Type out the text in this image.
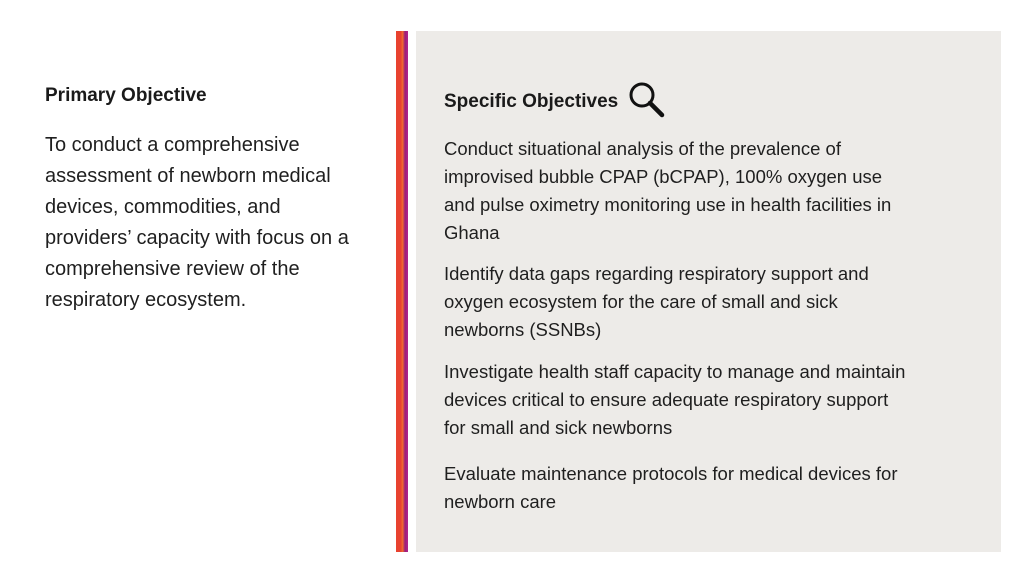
Primary Objective
To conduct a comprehensive assessment of newborn medical devices, commodities, and providers’ capacity with focus on a comprehensive review of the respiratory ecosystem.
Specific Objectives
Conduct situational analysis of the prevalence of improvised bubble CPAP (bCPAP), 100% oxygen use and pulse oximetry monitoring use in health facilities in Ghana
Identify data gaps regarding respiratory support and oxygen ecosystem for the care of small and sick newborns (SSNBs)
Investigate health staff capacity to manage and maintain devices critical to ensure adequate respiratory support for small and sick newborns
Evaluate maintenance protocols for medical devices for newborn care
